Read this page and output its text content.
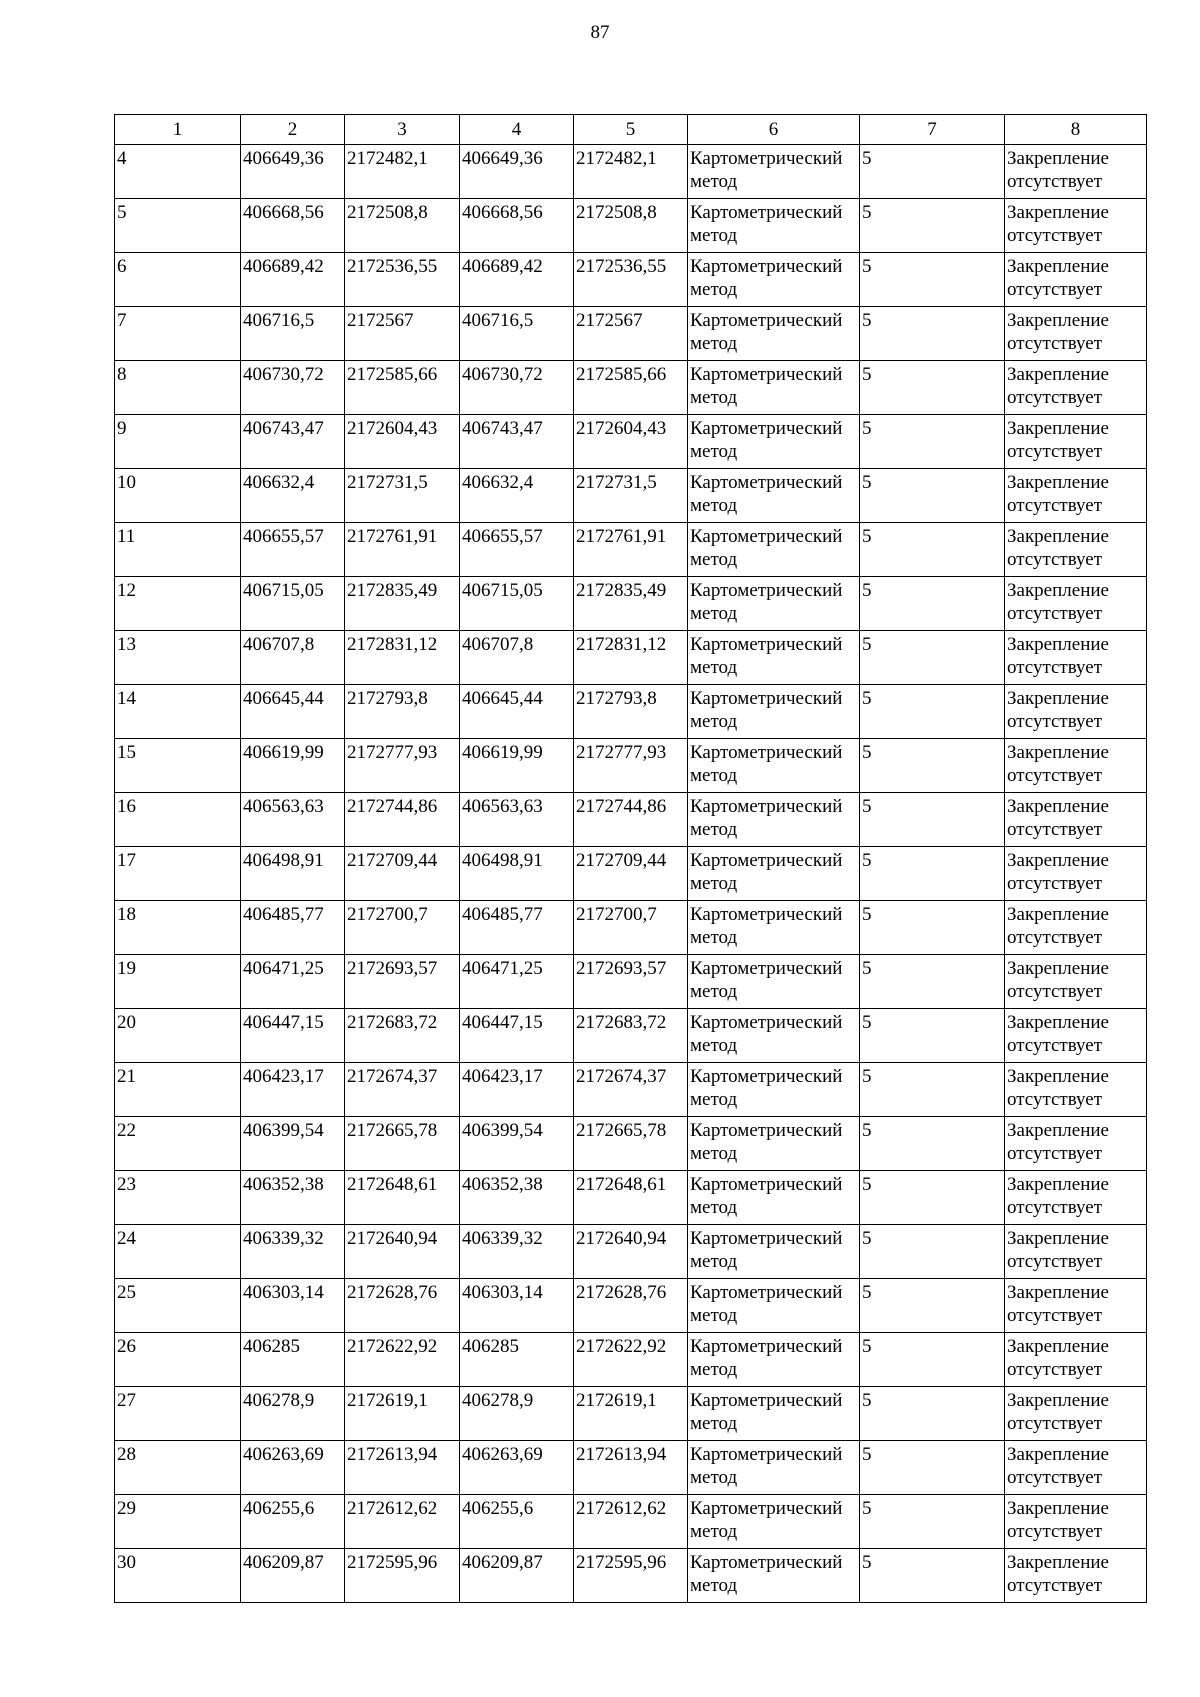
87
1	2	3	4	5	6	7	8
4	406649,36	2172482,1	406649,36	2172482,1	Картометрический метод	5	Закрепление отсутствует
5	406668,56	2172508,8	406668,56	2172508,8	Картометрический метод	5	Закрепление отсутствует
6	406689,42	2172536,55	406689,42	2172536,55	Картометрический метод	5	Закрепление отсутствует
7	406716,5	2172567	406716,5	2172567	Картометрический метод	5	Закрепление отсутствует
8	406730,72	2172585,66	406730,72	2172585,66	Картометрический метод	5	Закрепление отсутствует
9	406743,47	2172604,43	406743,47	2172604,43	Картометрический метод	5	Закрепление отсутствует
10	406632,4	2172731,5	406632,4	2172731,5	Картометрический метод	5	Закрепление отсутствует
11	406655,57	2172761,91	406655,57	2172761,91	Картометрический метод	5	Закрепление отсутствует
12	406715,05	2172835,49	406715,05	2172835,49	Картометрический метод	5	Закрепление отсутствует
13	406707,8	2172831,12	406707,8	2172831,12	Картометрический метод	5	Закрепление отсутствует
14	406645,44	2172793,8	406645,44	2172793,8	Картометрический метод	5	Закрепление отсутствует
15	406619,99	2172777,93	406619,99	2172777,93	Картометрический метод	5	Закрепление отсутствует
16	406563,63	2172744,86	406563,63	2172744,86	Картометрический метод	5	Закрепление отсутствует
17	406498,91	2172709,44	406498,91	2172709,44	Картометрический метод	5	Закрепление отсутствует
18	406485,77	2172700,7	406485,77	2172700,7	Картометрический метод	5	Закрепление отсутствует
19	406471,25	2172693,57	406471,25	2172693,57	Картометрический метод	5	Закрепление отсутствует
20	406447,15	2172683,72	406447,15	2172683,72	Картометрический метод	5	Закрепление отсутствует
21	406423,17	2172674,37	406423,17	2172674,37	Картометрический метод	5	Закрепление отсутствует
22	406399,54	2172665,78	406399,54	2172665,78	Картометрический метод	5	Закрепление отсутствует
23	406352,38	2172648,61	406352,38	2172648,61	Картометрический метод	5	Закрепление отсутствует
24	406339,32	2172640,94	406339,32	2172640,94	Картометрический метод	5	Закрепление отсутствует
25	406303,14	2172628,76	406303,14	2172628,76	Картометрический метод	5	Закрепление отсутствует
26	406285	2172622,92	406285	2172622,92	Картометрический метод	5	Закрепление отсутствует
27	406278,9	2172619,1	406278,9	2172619,1	Картометрический метод	5	Закрепление отсутствует
28	406263,69	2172613,94	406263,69	2172613,94	Картометрический метод	5	Закрепление отсутствует
29	406255,6	2172612,62	406255,6	2172612,62	Картометрический метод	5	Закрепление отсутствует
30	406209,87	2172595,96	406209,87	2172595,96	Картометрический метод	5	Закрепление отсутствует
